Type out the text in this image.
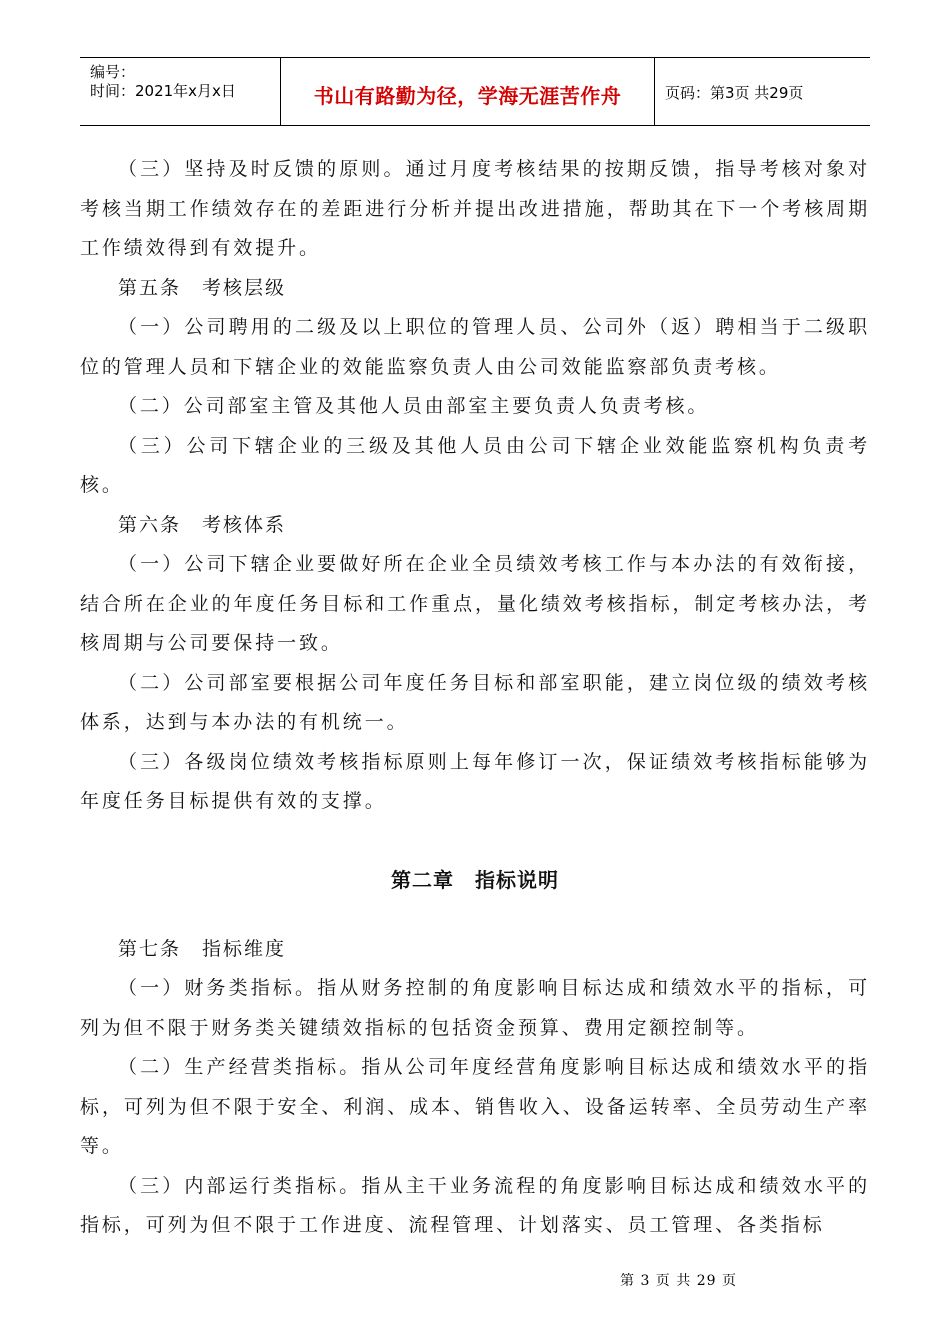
编号：
时间：2021年x月x日	书山有路勤为径，学海无涯苦作舟	页码：第3页 共29页

（三）坚持及时反馈的原则。通过月度考核结果的按期反馈，指导考核对象对考核当期工作绩效存在的差距进行分析并提出改进措施，帮助其在下一个考核周期工作绩效得到有效提升。

第五条　考核层级

（一）公司聘用的二级及以上职位的管理人员、公司外（返）聘相当于二级职位的管理人员和下辖企业的效能监察负责人由公司效能监察部负责考核。

（二）公司部室主管及其他人员由部室主要负责人负责考核。

（三）公司下辖企业的三级及其他人员由公司下辖企业效能监察机构负责考核。

第六条　考核体系

（一）公司下辖企业要做好所在企业全员绩效考核工作与本办法的有效衔接，结合所在企业的年度任务目标和工作重点，量化绩效考核指标，制定考核办法，考核周期与公司要保持一致。

（二）公司部室要根据公司年度任务目标和部室职能，建立岗位级的绩效考核体系，达到与本办法的有机统一。

（三）各级岗位绩效考核指标原则上每年修订一次，保证绩效考核指标能够为年度任务目标提供有效的支撑。

第二章　指标说明

第七条　指标维度

（一）财务类指标。指从财务控制的角度影响目标达成和绩效水平的指标，可列为但不限于财务类关键绩效指标的包括资金预算、费用定额控制等。

（二）生产经营类指标。指从公司年度经营角度影响目标达成和绩效水平的指标，可列为但不限于安全、利润、成本、销售收入、设备运转率、全员劳动生产率等。

（三）内部运行类指标。指从主干业务流程的角度影响目标达成和绩效水平的指标，可列为但不限于工作进度、流程管理、计划落实、员工管理、各类指标

第 3 页 共 29 页
